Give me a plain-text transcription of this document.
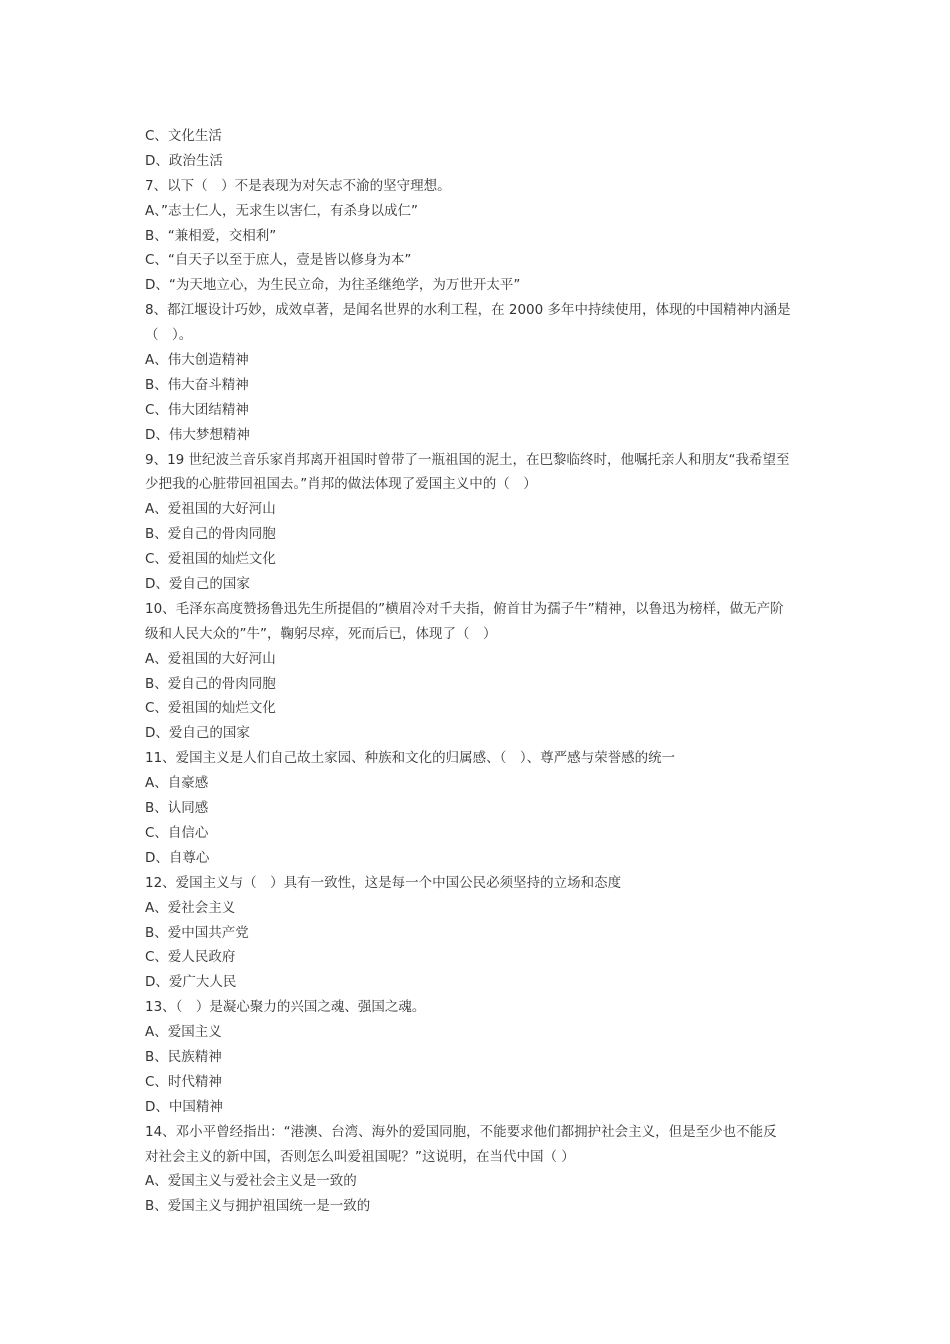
C、文化生活
D、政治生活
7、以下（　）不是表现为对矢志不渝的坚守理想。
A、”志士仁人，无求生以害仁，有杀身以成仁”
B、“兼相爱，交相利”
C、“自天子以至于庶人，壹是皆以修身为本”
D、“为天地立心，为生民立命，为往圣继绝学，为万世开太平”
8、都江堰设计巧妙，成效卓著，是闻名世界的水利工程，在 2000 多年中持续使用，体现的中国精神内涵是
（　）。
A、伟大创造精神
B、伟大奋斗精神
C、伟大团结精神
D、伟大梦想精神
9、19 世纪波兰音乐家肖邦离开祖国时曾带了一瓶祖国的泥土，在巴黎临终时，他嘱托亲人和朋友“我希望至
少把我的心脏带回祖国去。”肖邦的做法体现了爱国主义中的（　）
A、爱祖国的大好河山
B、爱自己的骨肉同胞
C、爱祖国的灿烂文化
D、爱自己的国家
10、毛泽东高度赞扬鲁迅先生所提倡的”横眉冷对千夫指，俯首甘为孺子牛”精神，以鲁迅为榜样，做无产阶
级和人民大众的”牛”，鞠躬尽瘁，死而后已，体现了（　）
A、爱祖国的大好河山
B、爱自己的骨肉同胞
C、爱祖国的灿烂文化
D、爱自己的国家
11、爱国主义是人们自己故土家园、种族和文化的归属感、（　）、尊严感与荣誉感的统一
A、自豪感
B、认同感
C、自信心
D、自尊心
12、爱国主义与（　）具有一致性，这是每一个中国公民必须坚持的立场和态度
A、爱社会主义
B、爱中国共产党
C、爱人民政府
D、爱广大人民
13、（　）是凝心聚力的兴国之魂、强国之魂。
A、爱国主义
B、民族精神
C、时代精神
D、中国精神
14、邓小平曾经指出：“港澳、台湾、海外的爱国同胞，不能要求他们都拥护社会主义，但是至少也不能反
对社会主义的新中国，否则怎么叫爱祖国呢？”这说明，在当代中国（ ）
A、爱国主义与爱社会主义是一致的
B、爱国主义与拥护祖国统一是一致的
